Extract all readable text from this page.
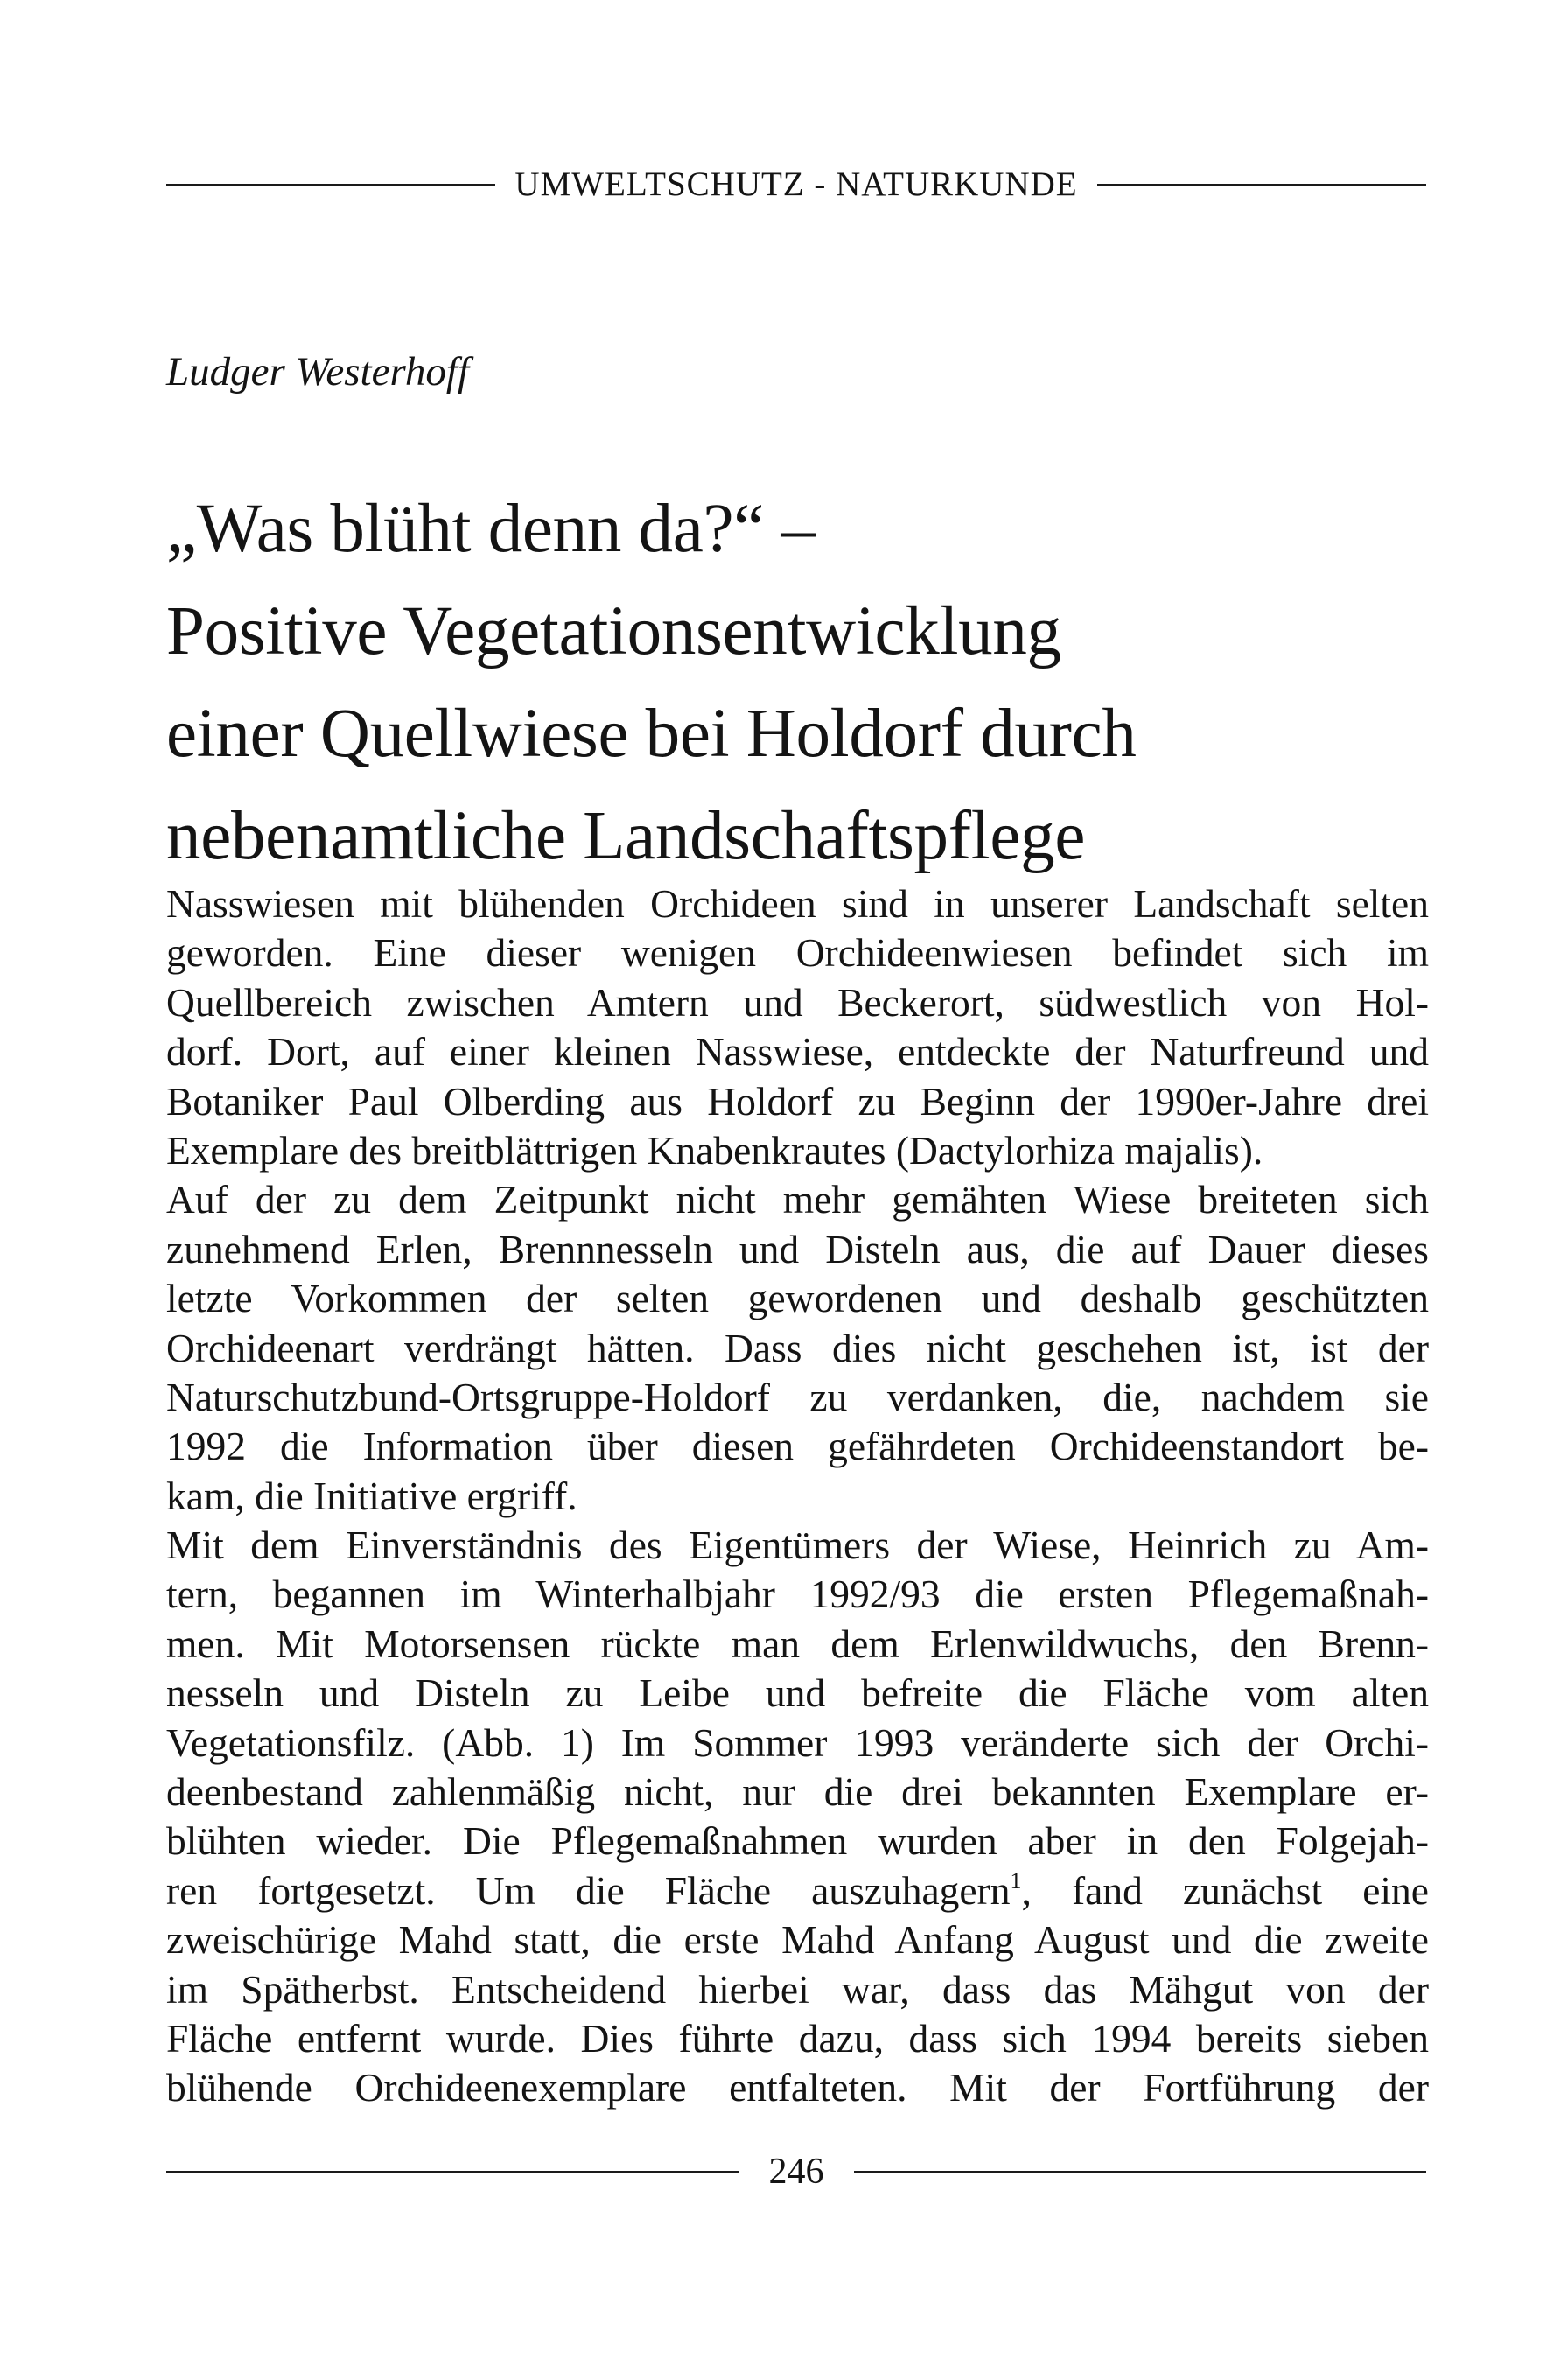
UMWELTSCHUTZ - NATURKUNDE
Ludger Westerhoff
„Was blüht denn da?“ –
Positive Vegetationsentwicklung
einer Quellwiese bei Holdorf durch
nebenamtliche Landschaftspflege
Nasswiesen mit blühenden Orchideen sind in unserer Landschaft selten
geworden. Eine dieser wenigen Orchideenwiesen befindet sich im
Quellbereich zwischen Amtern und Beckerort, südwestlich von Hol-
dorf. Dort, auf einer kleinen Nasswiese, entdeckte der Naturfreund und
Botaniker Paul Olberding aus Holdorf zu Beginn der 1990er-Jahre drei
Exemplare des breitblättrigen Knabenkrautes (Dactylorhiza majalis).
Auf der zu dem Zeitpunkt nicht mehr gemähten Wiese breiteten sich
zunehmend Erlen, Brennnesseln und Disteln aus, die auf Dauer dieses
letzte Vorkommen der selten gewordenen und deshalb geschützten
Orchideenart verdrängt hätten. Dass dies nicht geschehen ist, ist der
Naturschutzbund-Ortsgruppe-Holdorf zu verdanken, die, nachdem sie
1992 die Information über diesen gefährdeten Orchideenstandort be-
kam, die Initiative ergriff.
Mit dem Einverständnis des Eigentümers der Wiese, Heinrich zu Am-
tern, begannen im Winterhalbjahr 1992/93 die ersten Pflegemaßnah-
men. Mit Motorsensen rückte man dem Erlenwildwuchs, den Brenn-
nesseln und Disteln zu Leibe und befreite die Fläche vom alten
Vegetationsfilz. (Abb. 1) Im Sommer 1993 veränderte sich der Orchi-
deenbestand zahlenmäßig nicht, nur die drei bekannten Exemplare er-
blühten wieder. Die Pflegemaßnahmen wurden aber in den Folgejah-
ren fortgesetzt. Um die Fläche auszuhagern$^1$, fand zunächst eine
zweischürige Mahd statt, die erste Mahd Anfang August und die zweite
im Spätherbst. Entscheidend hierbei war, dass das Mähgut von der
Fläche entfernt wurde. Dies führte dazu, dass sich 1994 bereits sieben
blühende Orchideenexemplare entfalteten. Mit der Fortführung der
246
